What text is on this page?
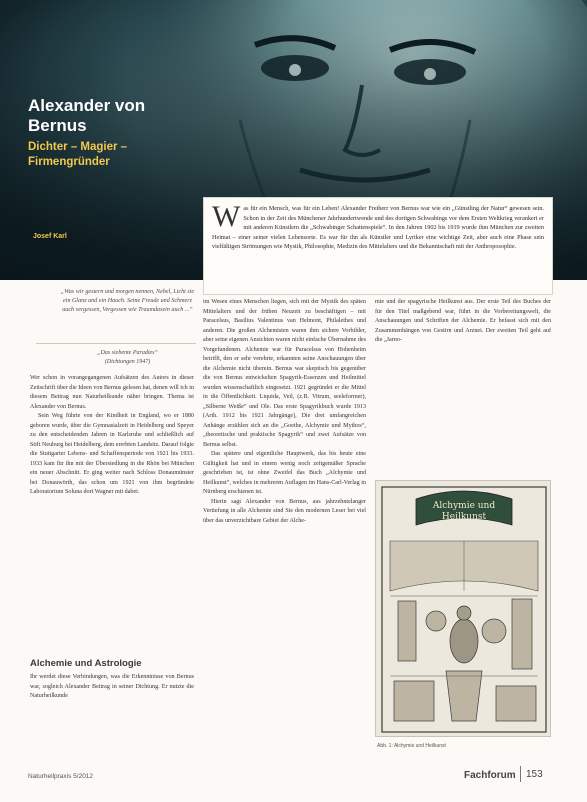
Alexander von
Bernus
Dichter – Magier –
Firmengründer
Josef Karl
W as für ein Mensch, was für ein Leben! Alexander Freiherr von Bernus war wie ein „Günstling der Natur“ gewesen sein. Schon in der Zeit des Münchener Jahrhundertwende und des dortigen Schwabings vor dem Ersten Weltkrieg verankert er mit anderen Künstlern die „Schwabinger Schattenspiele“. In den Jahren 1902 bis 1919 wurde ihm München zur zweiten Heimat – einer seiner vielen Lebensorte. Es war für ihn als Künstler und Lyriker eine wichtige Zeit, aber auch eine Phase sein vielfältigen Strömungen wie Mystik, Philosophie, Medizin des Mittelalters und die Bekanntschaft mit der Anthroposophie.
„Was wir gestern und morgen nennen, Nebel, Licht sie ein Glanz und ein Hauch. Seine Freude und Schmerz auch vergessen, Vergessen wie Traumdasein auch ...“
„Das siebente Paradies“
(Dichtungen 1947)

Wer schon in vorangegangenen Aufsätzen des Autors in dieser Zeitschrift über die Ideen von Bernus gelesen hat, denen will ich in diesem Beitrag nun Naturheilkunde näher bringen. Thema ist Alexander von Bernus.

Sein Weg führte von der Kindheit in England, wo er 1880 geboren wurde, über die Gymnasialzeit in Heidelberg und Speyer zu den entscheidenden Jahren in Karlsruhe und schließlich auf Stift Neuburg bei Heidelberg, dem ererbten Landsitz. Darauf folgte die Stuttgarter Lebens- und Schaffensperiode von 1921 bis 1933. 1933 kam für ihn mit der Übersiedlung in die Rhön bei München ein neuer Abschnitt. Er ging weiter nach Schloss Donaumünster bei Donauwörth, das schon um 1921 von ihm begründete Laboratorium Soluna dort Wagner mit dabei.

Alchemie und Astrologie

Ihr werdet diese Verbindungen, was die Erkenntnisse von Bernus war, sogleich Alexander Beitrag in seiner Dichtung. Er nutzte die Naturheilkunde

im Wesen eines Menschen liegen, sich mit der Mystik des späten Mittelalters und der frühen Neuzeit zu beschäftigen – mit Paracelsus, Basilius Valentinus van Helmont, Philalethes und anderen. Die großen Alchemisten waren ihm sichere Vorbilder, aber seine eigenen Ansichten waren nicht einfache Übernahme des Vorgefundenen. Alchemie war für Paracelsus von Hohenheim betrifft, den er sehr verehrte, erkannten seine Anschauungen über die Alchemie nicht überein. Bernus war skeptisch bis gegenüber die von Bernus entwickelten Spagyrik-Essenzen und Heilmittel wurden wissenschaftlich eingesetzt. 1921 gegründet er die Mittel in die Öffentlichkeit. Liquida, Veil, (z.B. Vitrum, seeleformer), „Silberne Weiße“ und Ole. Das erste Spagyrikbuch wurde 1913 (Arth. 1912 bis 1921 Jahrgänge), Die drei umfangreichen Anhänge erzählen sich an die „Goethe, Alchymie und Mythos“, „theoretische und praktische Spagyrik“ und zwei Aufsätze von Bernus selbst.

Das spätere und eigentliche Hauptwerk, das bis heute eine Gültigkeit hat und in einem wenig noch zeitgemäßer Sprache geschrieben ist, ist ohne Zweifel das Buch „Alchymie und Heilkunst“, welches in mehreren Auflagen im Hans-Carl-Verlag in Nürnberg erschienen ist.

Hierin sagt Alexander von Bernus, aus jahrzehntelanger Vertiefung in alle Alchemie sind Sie den modernen Leser bei viel über das unverzichtbare Gebiet der Alche-

mie und der spagyrische Heilkunst aus. Der erste Teil des Buches der für den Titel maßgebend war, führt in die Vorbereitungswelt, die Anschauungen und Schriften der Alchemie. Er befasst sich mit den Zusammenhängen von Gestirn und Arznei. Der zweiten Teil geht auf die „Jarno-

Alchymie und
Heilkunst
Abb. 1: Alchymie und Heilkunst
Naturheilpraxis 5/2012	Fachforum 153
